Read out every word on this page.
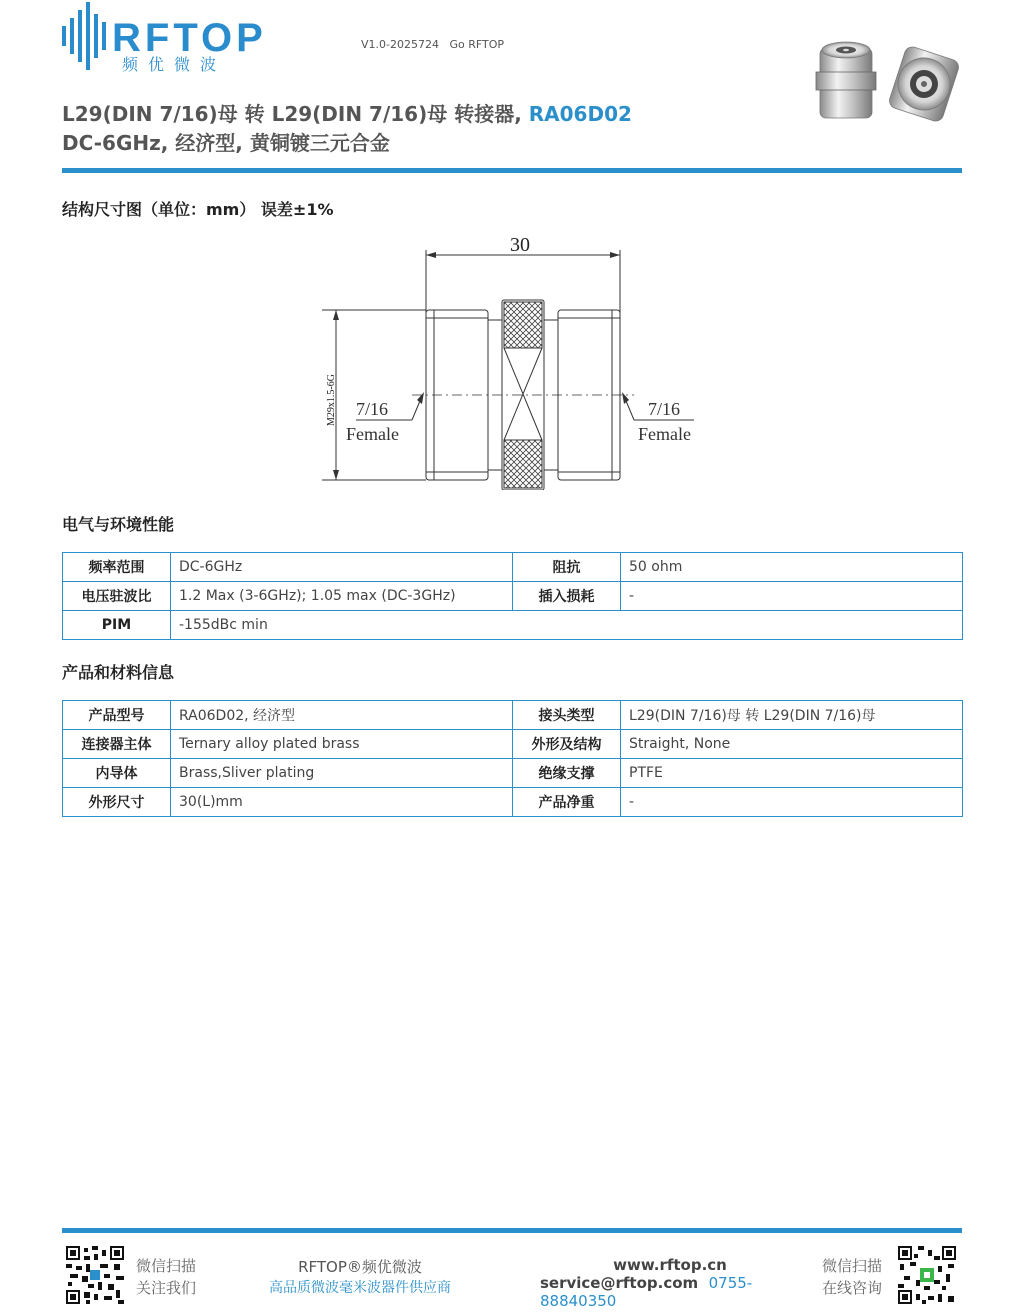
RFTOP
频优微波
V1.0-2025724 Go RFTOP
L29(DIN 7/16)母 转 L29(DIN 7/16)母 转接器, RA06D02
DC-6GHz, 经济型, 黄铜镀三元合金
结构尺寸图（单位：mm） 误差±1%
30
M29x1.5-6G 7/16
Female
7/16
Female
电气与环境性能
频率范围	DC-6GHz	阻抗	50 ohm
电压驻波比	1.2 Max (3-6GHz); 1.05 max (DC-3GHz)	插入损耗	-
PIM	-155dBc min		
产品和材料信息
产品型号	RA06D02, 经济型	接头类型	L29(DIN 7/16)母 转 L29(DIN 7/16)母
连接器主体	Ternary alloy plated brass	外形及结构	Straight, None
内导体	Brass,Sliver plating	绝缘支撑	PTFE
外形尺寸	30(L)mm	产品净重	-
微信扫描
关注我们
RFTOP®频优微波
高品质微波毫米波器件供应商
www.rftop.cn
service@rftop.com 0755-88840350
微信扫描
在线咨询
